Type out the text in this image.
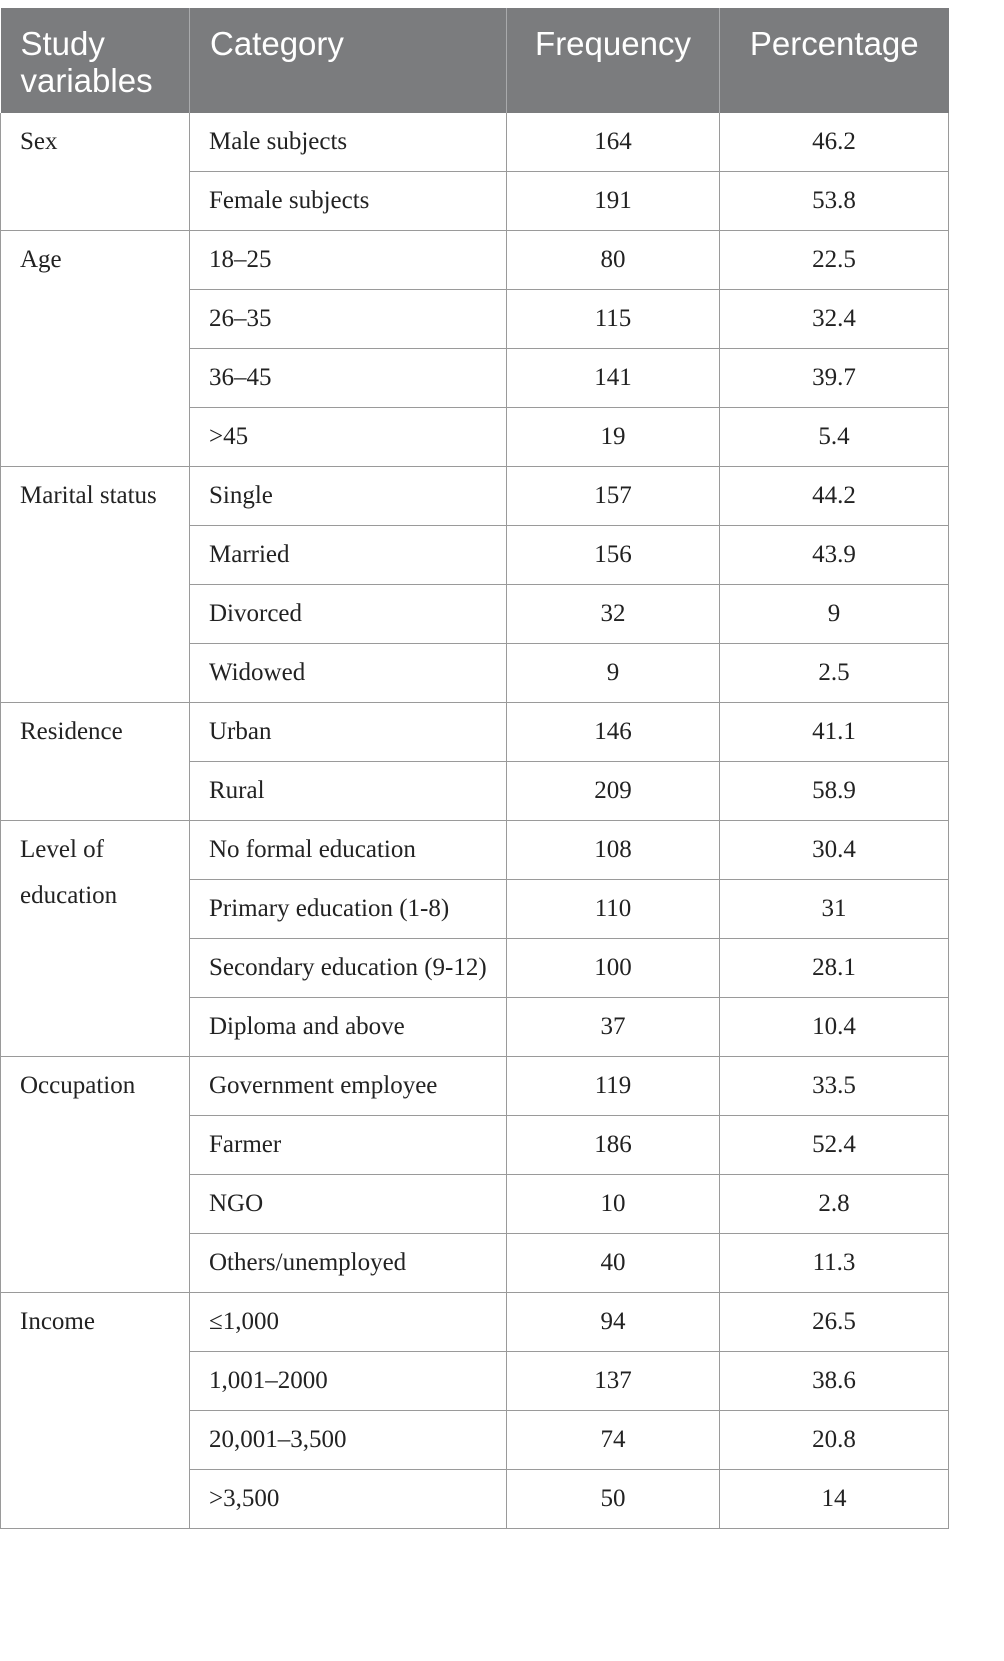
Study variables	Category	Frequency	Percentage
Sex	Male subjects	164	46.2
	Female subjects	191	53.8
Age	18–25	80	22.5
	26–35	115	32.4
	36–45	141	39.7
	>45	19	5.4
Marital status	Single	157	44.2
	Married	156	43.9
	Divorced	32	9
	Widowed	9	2.5
Residence	Urban	146	41.1
	Rural	209	58.9
Level of education	No formal education	108	30.4
	Primary education (1-8)	110	31
	Secondary education (9-12)	100	28.1
	Diploma and above	37	10.4
Occupation	Government employee	119	33.5
	Farmer	186	52.4
	NGO	10	2.8
	Others/unemployed	40	11.3
Income	≤1,000	94	26.5
	1,001–2000	137	38.6
	20,001–3,500	74	20.8
	>3,500	50	14
